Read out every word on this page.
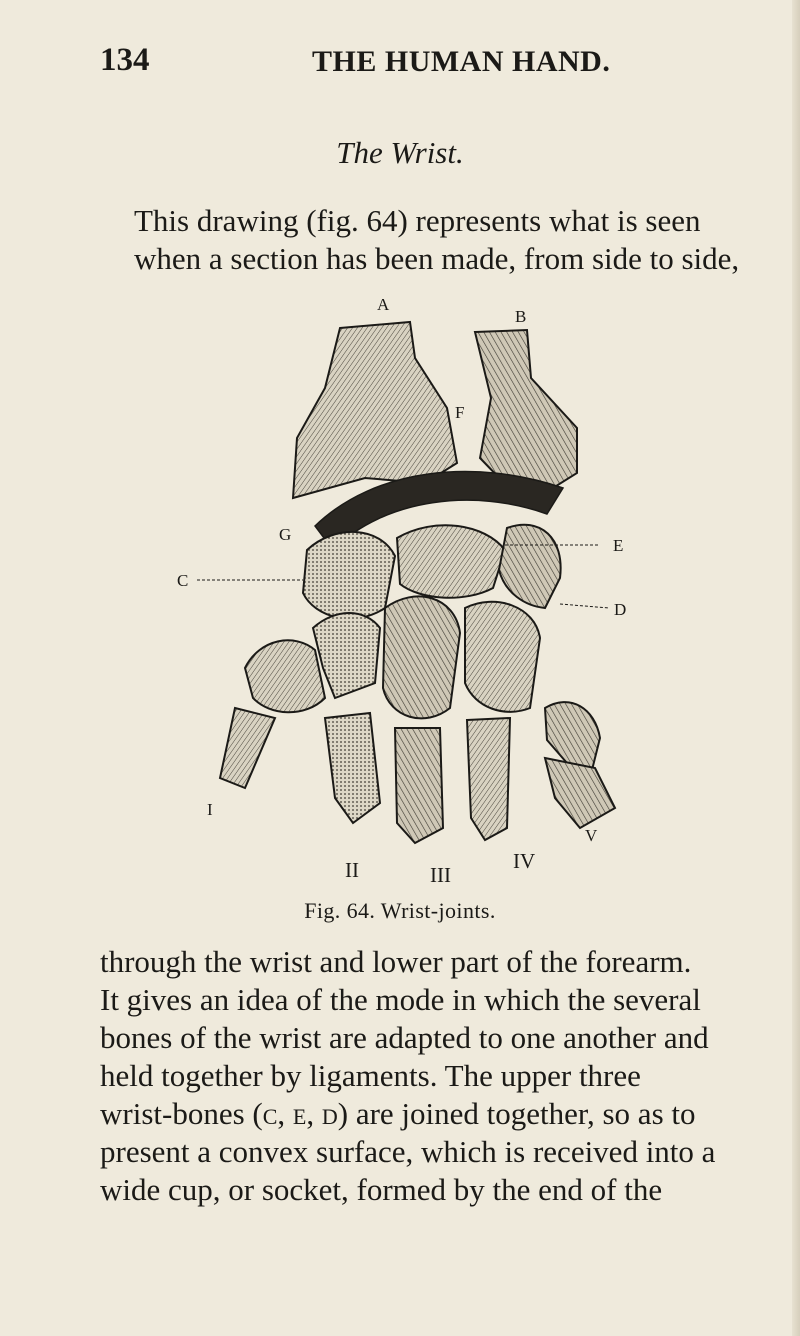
134	THE HUMAN HAND.
The Wrist.

This drawing (fig. 64) represents what is seen
when a section has been made, from side to side,

A
B
C
D
E
F
G
I
II	III
IV
V
Fig. 64. Wrist-joints.

through the wrist and lower part of the forearm.
It gives an idea of the mode in which the several
bones of the wrist are adapted to one another and
held together by ligaments. The upper three
wrist-bones (c, e, d) are joined together, so as to
present a convex surface, which is received into a
wide cup, or socket, formed by the end of the
